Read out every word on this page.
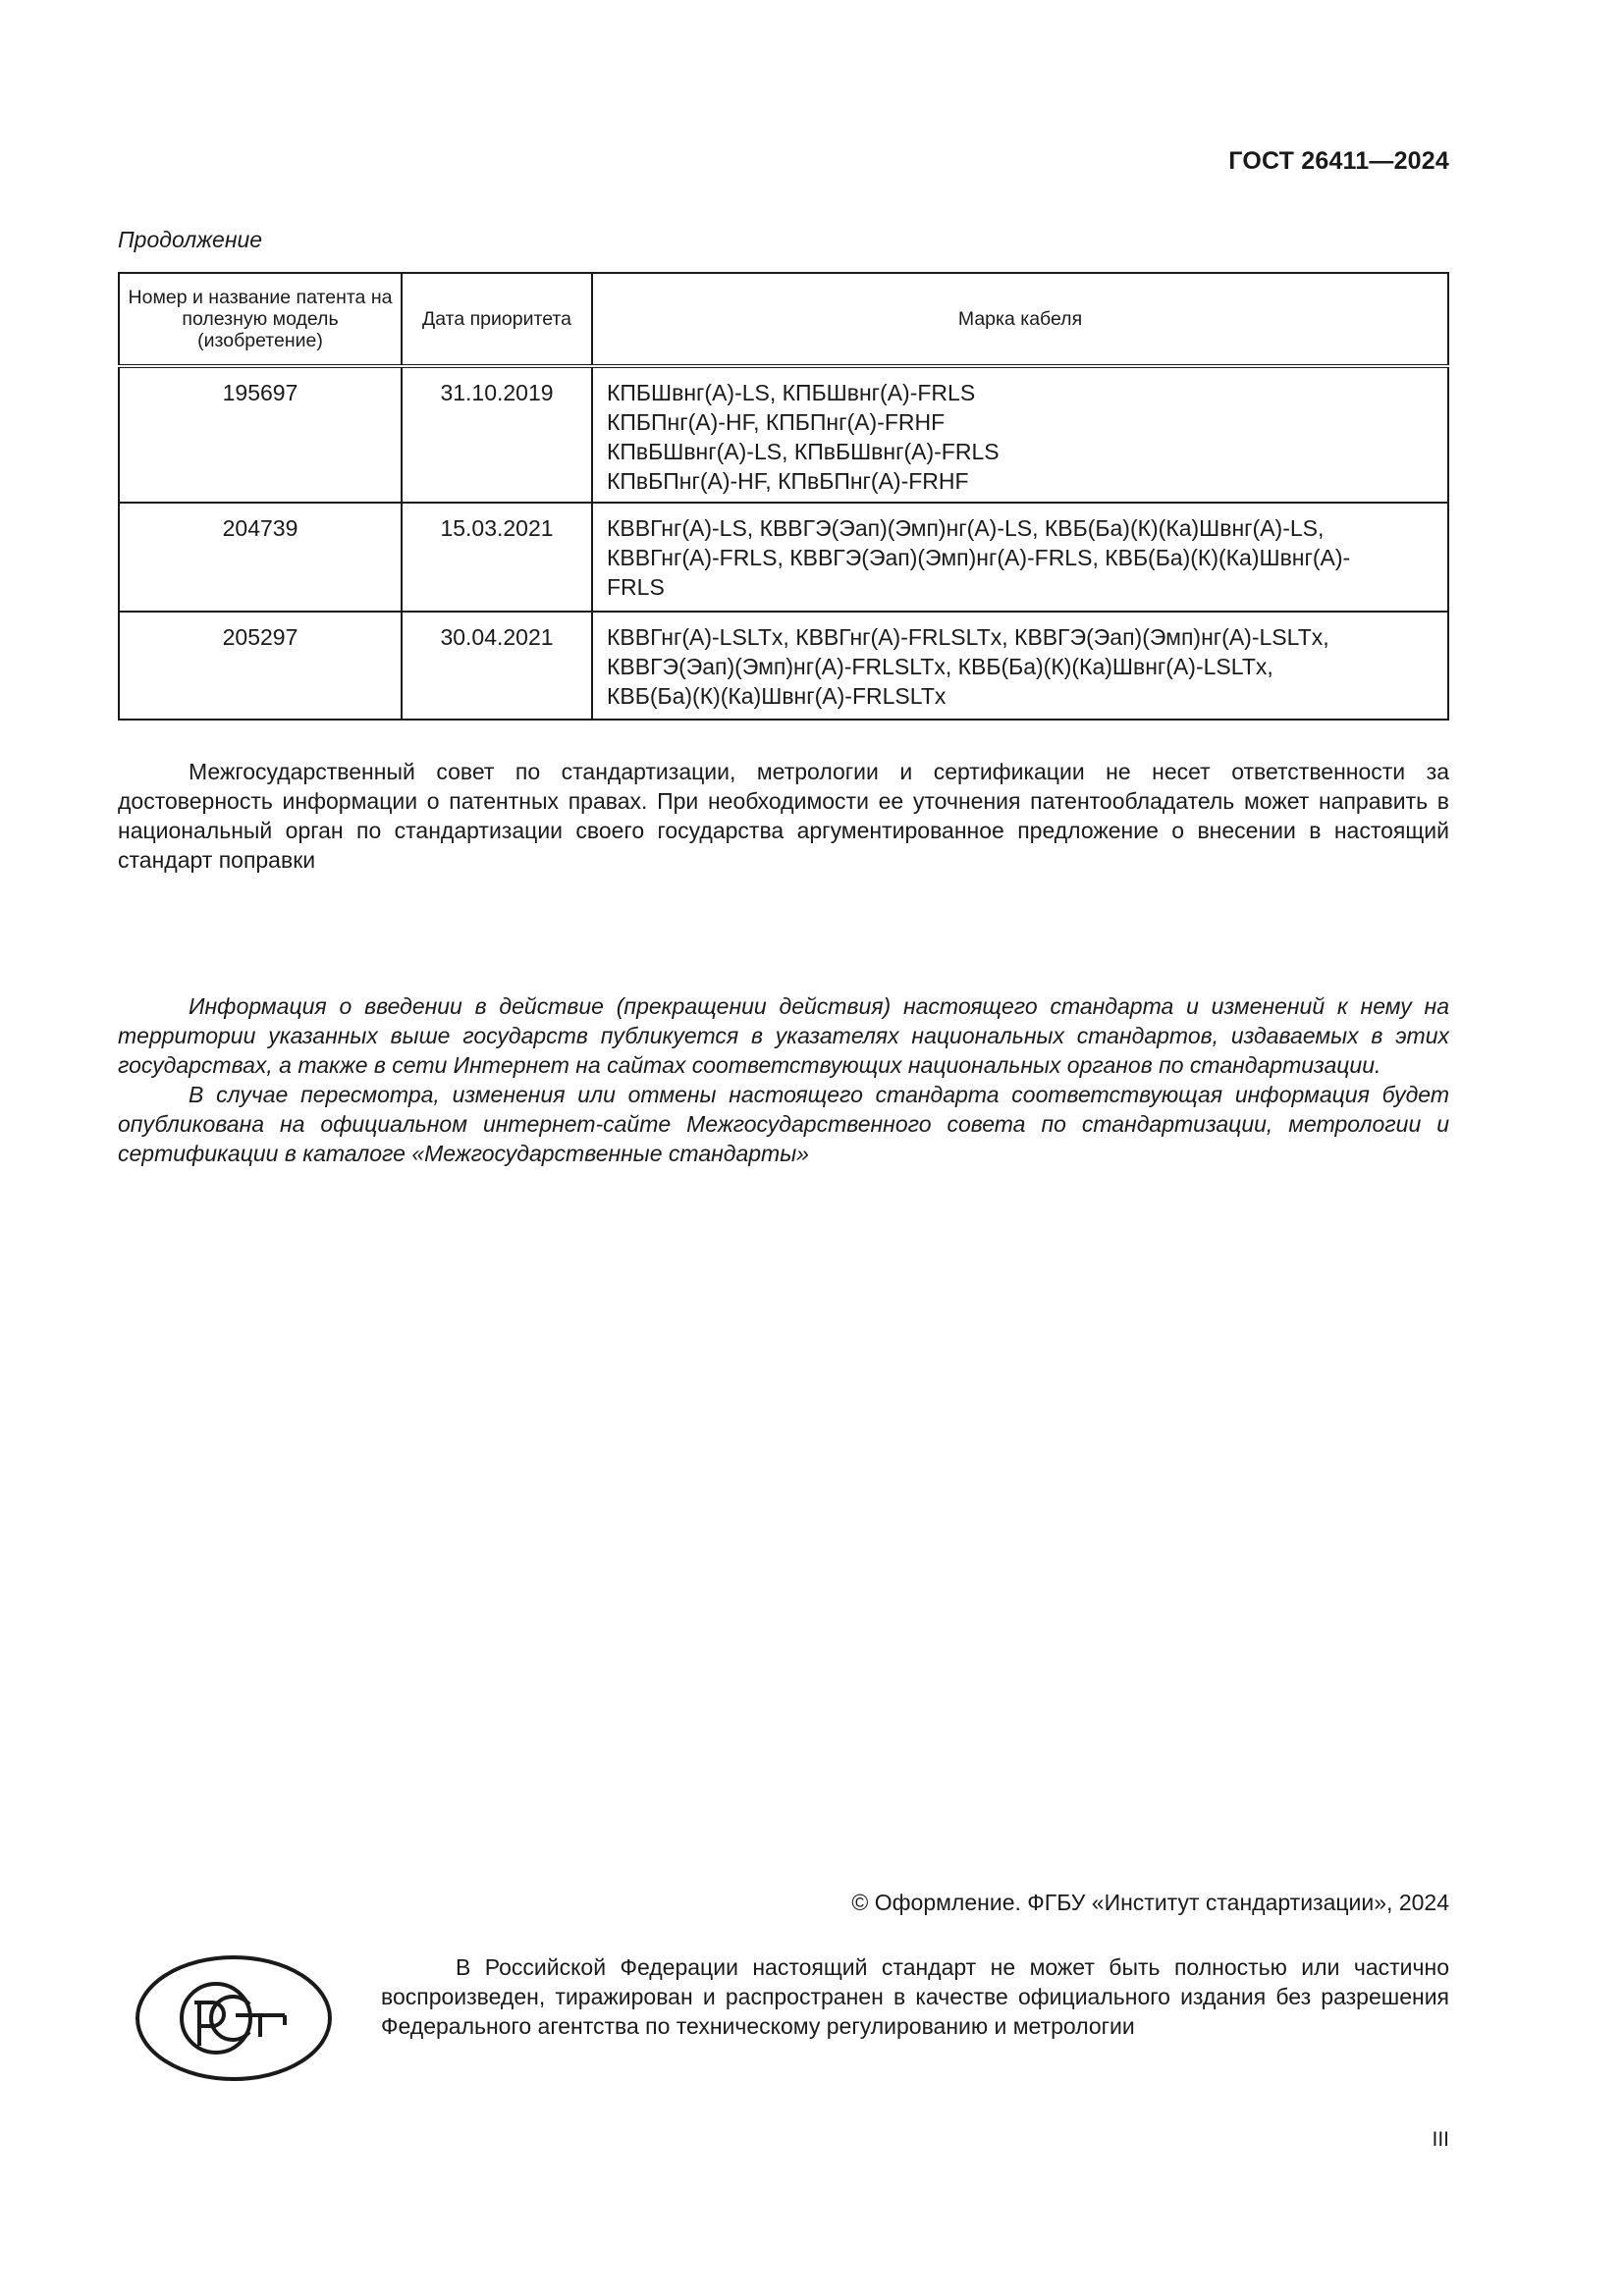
ГОСТ 26411—2024
Продолжение
Номер и название патента на полезную модель (изобретение)	Дата приоритета	Марка кабеля
195697	31.10.2019	КПБШвнг(А)-LS, КПБШвнг(А)-FRLS
КПБПнг(А)-HF, КПБПнг(А)-FRHF
КПвБШвнг(А)-LS, КПвБШвнг(А)-FRLS
КПвБПнг(А)-HF, КПвБПнг(А)-FRHF

204739	15.03.2021	КВВГнг(А)-LS, КВВГЭ(Эап)(Эмп)нг(А)-LS, КВБ(Ба)(К)(Ка)Швнг(А)-LS,
КВВГнг(А)-FRLS, КВВГЭ(Эап)(Эмп)нг(А)-FRLS, КВБ(Ба)(К)(Ка)Швнг(А)-
FRLS

205297	30.04.2021	КВВГнг(А)-LSLTx, КВВГнг(А)-FRLSLTx, КВВГЭ(Эап)(Эмп)нг(А)-LSLTx,
КВВГЭ(Эап)(Эмп)нг(А)-FRLSLTx, КВБ(Ба)(К)(Ка)Швнг(А)-LSLTx,
КВБ(Ба)(К)(Ка)Швнг(А)-FRLSLTx

Межгосударственный совет по стандартизации, метрологии и сертификации не несет ответственности за достоверность информации о патентных правах. При необходимости ее уточнения патентообладатель может направить в национальный орган по стандартизации своего государства аргументированное предложение о внесении в настоящий стандарт поправки

Информация о введении в действие (прекращении действия) настоящего стандарта и изменений к нему на территории указанных выше государств публикуется в указателях национальных стандартов, издаваемых в этих государствах, а также в сети Интернет на сайтах соответствующих национальных органов по стандартизации.

В случае пересмотра, изменения или отмены настоящего стандарта соответствующая информация будет опубликована на официальном интернет-сайте Межгосударственного совета по стандартизации, метрологии и сертификации в каталоге «Межгосударственные стандарты»

© Оформление. ФГБУ «Институт стандартизации», 2024

В Российской Федерации настоящий стандарт не может быть полностью или частично воспроизведен, тиражирован и распространен в качестве официального издания без разрешения Федерального агентства по техническому регулированию и метрологии

III
